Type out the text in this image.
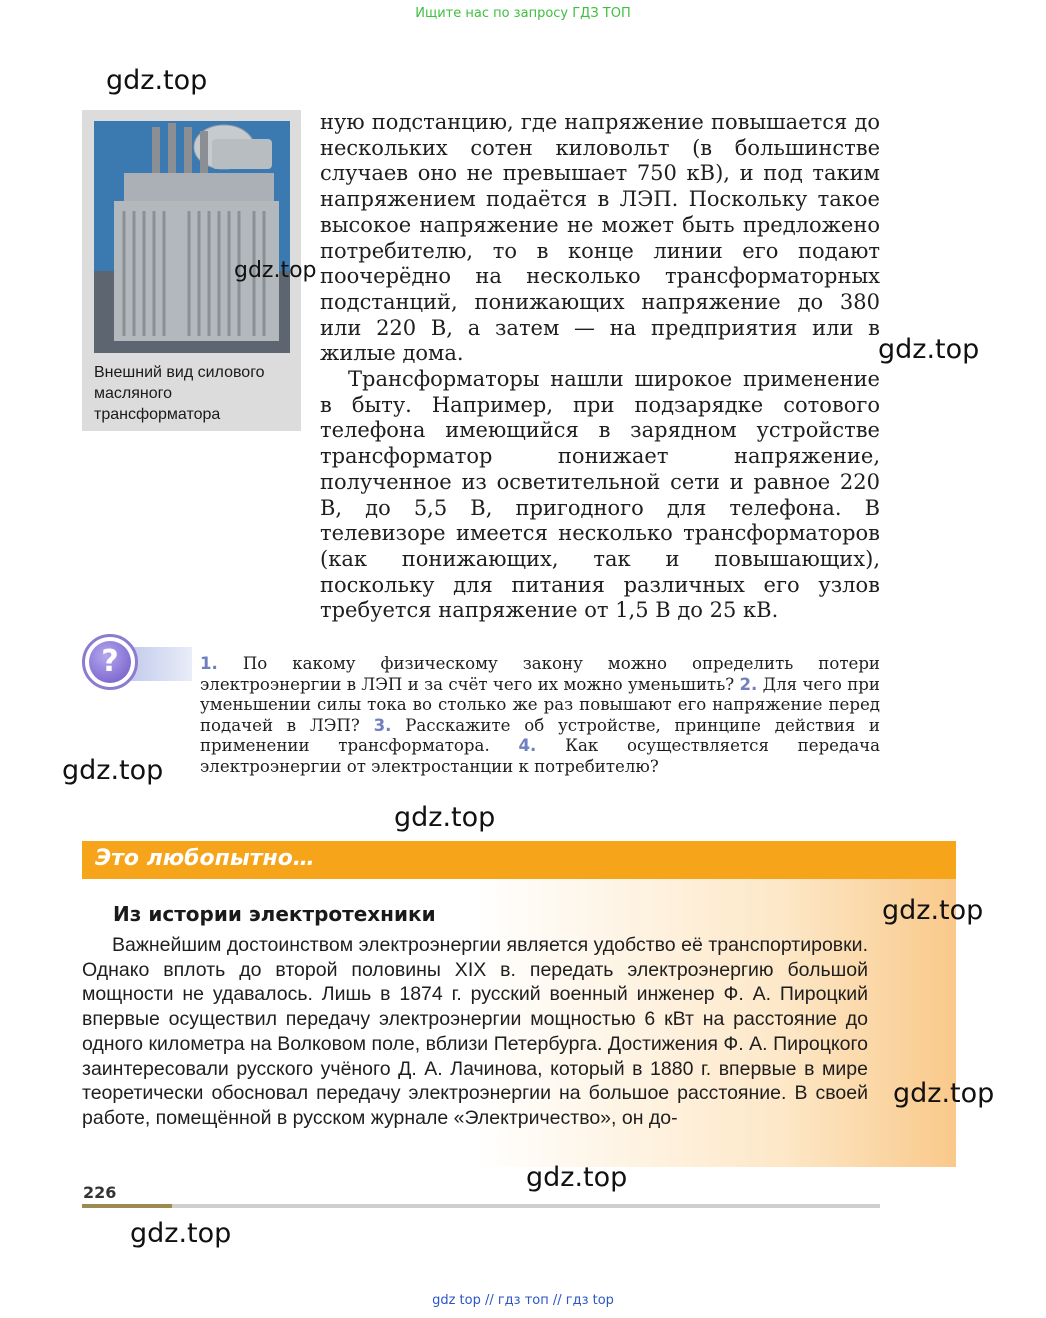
Ищите нас по запросу ГДЗ ТОП
Внешний вид силового масляного трансформатора

ную подстанцию, где напряжение повышается до нескольких сотен киловольт (в большинстве случаев оно не превышает 750 кВ), и под таким напряжением подаётся в ЛЭП. Поскольку такое высокое напряжение не может быть предложено потребителю, то в конце линии его подают поочерёдно на несколько трансформаторных подстанций, понижающих напряжение до 380 или 220 В, а затем — на предприятия или в жилые дома.

Трансформаторы нашли широкое применение в быту. Например, при подзарядке сотового телефона имеющийся в зарядном устройстве трансформатор понижает напряжение, полученное из осветительной сети и равное 220 В, до 5,5 В, пригодного для телефона. В телевизоре имеется несколько трансформаторов (как понижающих, так и повышающих), поскольку для питания различных его узлов требуется напряжение от 1,5 В до 25 кВ.

?	1. По какому физическому закону можно определить потери электроэнергии в ЛЭП и за счёт чего их можно уменьшить? 2. Для чего при уменьшении силы тока во столько же раз повышают его напряжение перед подачей в ЛЭП? 3. Расскажите об устройстве, принципе действия и применении трансформатора. 4. Как осуществляется передача электроэнергии от электростанции к потребителю?
Это любопытно…
Из истории электротехники

Важнейшим достоинством электроэнергии является удобство её транспортировки. Однако вплоть до второй половины XIX в. передать электроэнергию большой мощности не удавалось. Лишь в 1874 г. русский военный инженер Ф. А. Пироцкий впервые осуществил передачу электроэнергии мощностью 6 кВт на расстояние до одного километра на Волковом поле, вблизи Петербурга. Достижения Ф. А. Пироцкого заинтересовали русского учёного Д. А. Лачинова, который в 1880 г. впервые в мире теоретически обосновал передачу электроэнергии на большое расстояние. В своей работе, помещённой в русском журнале «Электричество», он до-

226
gdz top // гдз топ // гдз top
gdz.top
gdz.top
gdz.top
gdz.top
gdz.top
gdz.top
gdz.top
gdz.top
gdz.top
